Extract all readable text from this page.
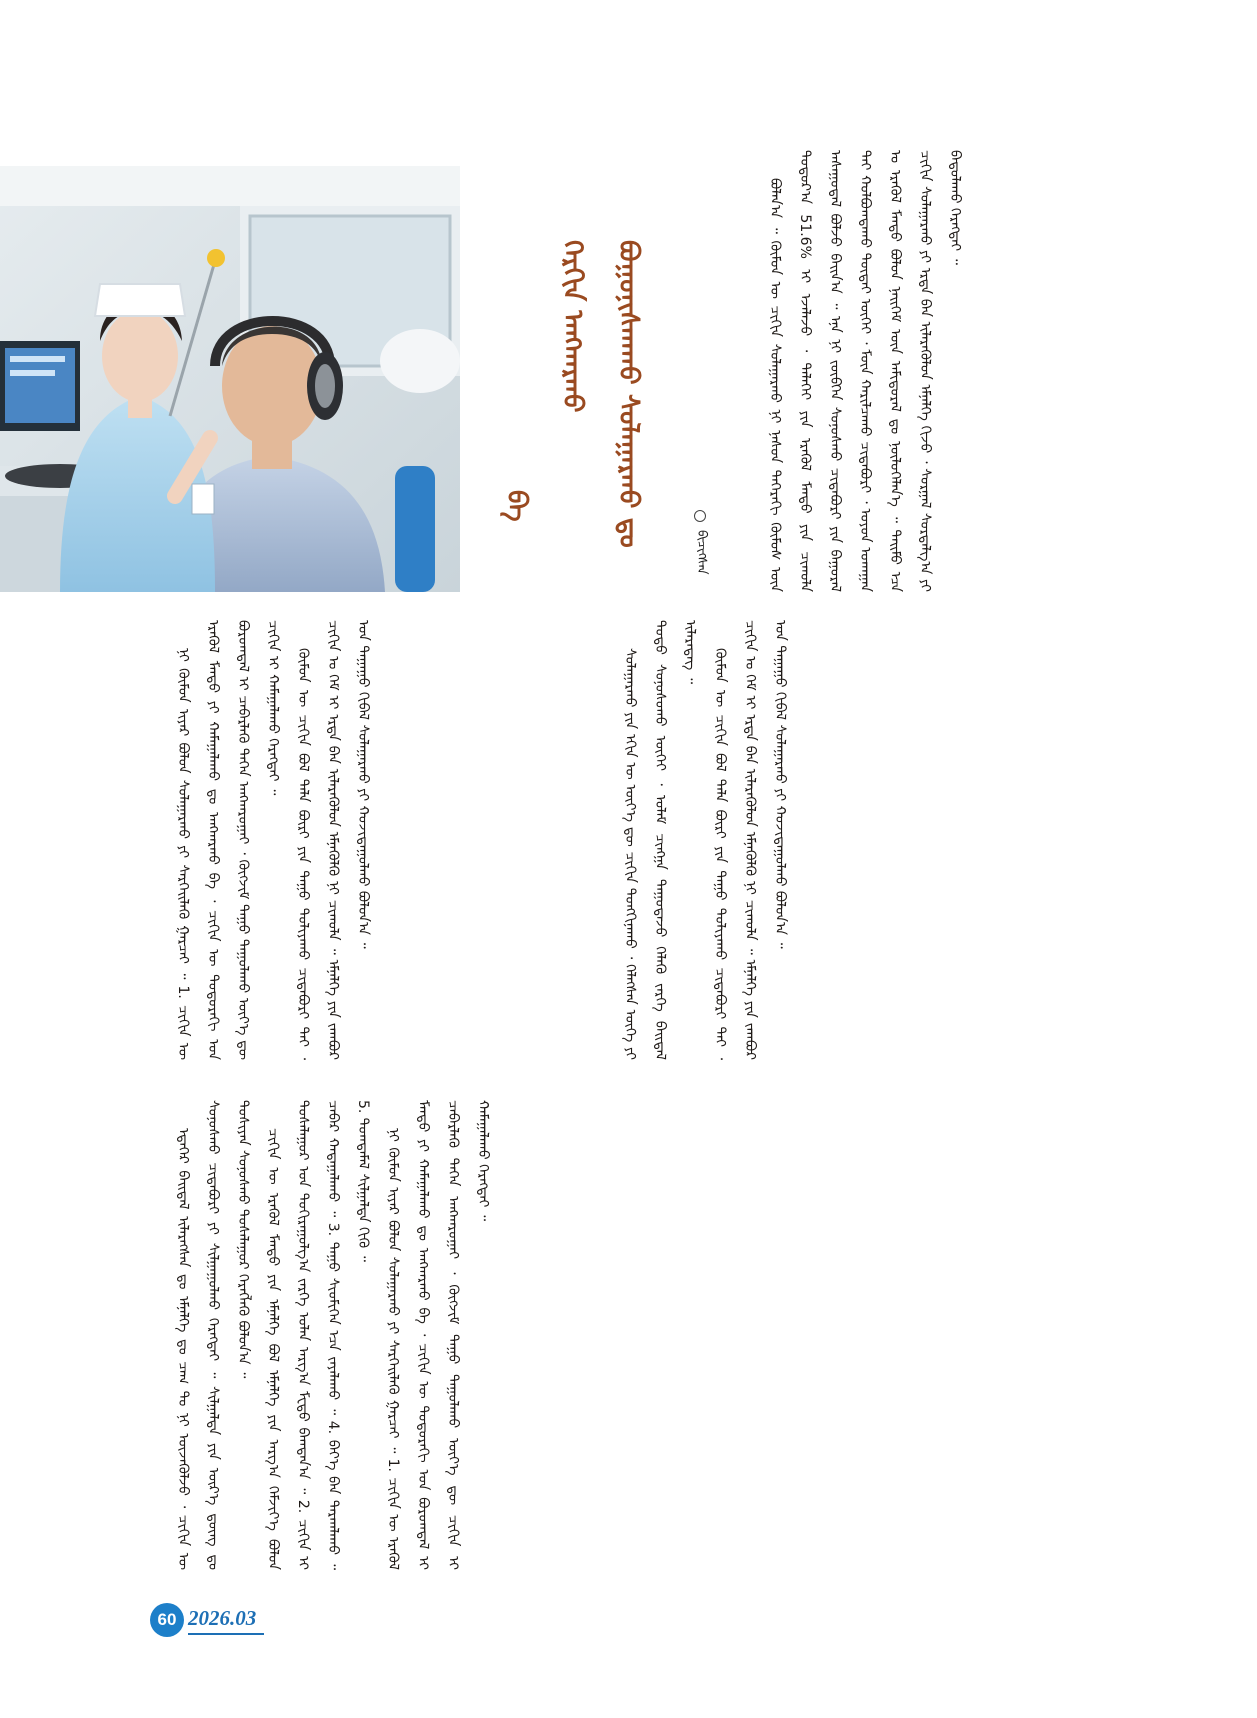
ᠪᠣᠭᠣᠨᠢᠰᠬᠠᠬᠤ ᠰᠤᠯᠠᠭᠠᠷᠬᠤ ᠳᠤ
ᠬᠡᠷᠬᠢᠨ ᠠᠩᠬᠠᠷᠬᠤ
ᠪᠡ
ᠪᠢᠴᠢᠭᠰᠡᠨ	ᠪᠣᠯᠠᠨ᠎ᠠ ᠃ ᠬᠦᠮᠦᠨ ᠦ ᠴᠢᠬᠢᠨ ᠰᠤᠯᠠᠭᠠᠷᠬᠤ ᠨᠢ ᠨᠠᠰᠤᠨ ᠳᠡᠭᠡᠷᠡᠬᠢ ᠬᠦᠮᠦᠰ ᠦᠨ ᠳᠤᠳᠤᠷ᠎ᠠ 51.6% ᠢ ᠡᠵᠡᠯᠡᠵᠦ ᠂ ᠳᠡᠯᠡᠬᠡᠢ ᠶᠢᠨ ᠡᠷᠡᠭᠦᠯ ᠮᠡᠨᠳᠦ ᠶᠢᠨ ᠴᠢᠬᠤᠯᠠ ᠠᠰᠠᠭᠤᠳᠠᠯ ᠪᠣᠯᠵᠤ ᠪᠠᠢᠨ᠎ᠠ ᠃ ᠡᠨᠡ ᠨᠢ ᠵᠥᠪᠬᠡᠨ ᠰᠣᠨᠤᠰᠬᠤ ᠴᠢᠳᠠᠪᠤᠷᠢ ᠶᠢᠨ ᠪᠠᠭᠤᠷᠠᠯ ᠲᠠᠢ ᠬᠣᠯᠪᠣᠭᠳᠠᠬᠤ ᠲᠦᠳᠡᠶ ᠦᠭᠡᠢ ᠂ ᠮᠥᠨ ᠬᠠᠷᠢᠯᠴᠠᠬᠤ ᠴᠢᠳᠠᠪᠤᠷᠢ ᠂ ᠤᠶᠤᠨ ᠤᠬᠠᠭᠠᠨ ᠤ ᠡᠷᠡᠭᠦᠯ ᠮᠡᠨᠳᠦ ᠪᠣᠯᠣᠨ ᠨᠡᠢᠭᠡᠮ ᠦᠨ ᠠᠮᠢᠳᠤᠷᠠᠯ ᠳᠤ ᠨᠥᠯᠦᠭᠡᠯᠡᠨ᠎ᠡ ᠃ ᠲᠡᠢᠮᠦ ᠡᠴᠡ ᠴᠢᠬᠢᠨ ᠰᠤᠯᠠᠭᠠᠷᠬᠤ ᠶᠢ ᠡᠷᠲᠡ ᠪᠡᠨ ᠢᠯᠡᠷᠡᠬᠦᠯᠦᠨ ᠡᠮᠨᠡᠯᠭᠡ ᠬᠢᠵᠦ ᠂ ᠰᠤᠷᠭᠠᠯ ᠰᠤᠷᠳᠠᠯᠭ᠎ᠠ ᠶᠢ ᠪᠠᠲᠤᠯᠠᠬᠤ ᠬᠡᠷᠡᠭᠲᠡᠢ ᠃
ᠨᠢ ᠬᠦᠮᠦᠨ ᠢᠶᠠᠷ ᠪᠤᠯᠤᠨ ᠰᠤᠯᠠᠭᠠᠷᠬᠤ ᠶᠢ ᠰᠡᠷᠭᠡᠢᠯᠡᠬᠦ ᠭᠠᠷᠴᠠᠢ ᠃ 1. ᠴᠢᠬᠢᠨ ᠦ ᠡᠷᠡᠭᠦᠯ ᠮᠡᠨᠳᠦ ᠶᠢ ᠬᠠᠮᠠᠭᠠᠯᠠᠬᠤ ᠳᠤ ᠠᠩᠬᠠᠷᠬᠤ ᠪᠠ ᠂ ᠴᠢᠬᠢᠨ ᠦ ᠳᠣᠲᠣᠷᠠᠬᠢ ᠡᠳ ᠪᠣᠷᠣᠭᠳᠠᠯ ᠢ ᠴᠡᠪᠡᠷᠯᠡᠬᠦ ᠳᠡᠭᠡᠨ ᠠᠩᠬᠠᠷᠤᠭᠠᠢ ᠂ ᠬᠥᠭᠵᠢᠮ ᠳᠠᠭᠤ ᠳᠠᠭᠤᠯᠠᠬᠤ ᠦᠶ᠎ᠡ ᠳᠦ ᠴᠢᠬᠢᠨ ᠢ ᠬᠠᠮᠠᠭᠠᠯᠠᠬᠤ ᠬᠡᠷᠡᠭᠲᠡᠢ ᠃	ᠬᠦᠮᠦᠨ ᠦ ᠴᠢᠬᠢᠨ ᠪᠣᠯ ᠲᠠᠯᠠ ᠪᠦᠷᠢ ᠶᠢᠨ ᠳᠠᠭᠤ ᠳᠤᠯᠢᠶᠠᠬᠤ ᠴᠢᠳᠠᠪᠤᠷᠢ ᠲᠠᠢ ᠂ ᠴᠢᠬᠢᠨ ᠤ ᠭᠡᠮ ᠢ ᠡᠷᠲᠡ ᠪᠡᠨ ᠢᠯᠡᠷᠡᠬᠦᠯᠦᠨ ᠡᠮᠨᠡᠭᠦᠯᠬᠦ ᠨᠢ ᠴᠢᠬᠤᠯᠠ ᠃ ᠡᠮᠨᠡᠯᠭᠡ ᠶᠢᠨ ᠵᠠᠭᠪᠤᠷ ᠤᠨ ᠳᠠᠭᠠᠭᠤ ᠬᠢᠪᠡᠯ ᠰᠤᠯᠠᠭᠠᠷᠬᠤ ᠶᠢ ᠬᠣᠵᠢᠳᠠᠭᠤᠯᠬᠤ ᠪᠣᠯᠤᠨ᠎ᠠ ᠃	ᠰᠤᠯᠠᠭᠠᠷᠬᠤ ᠶᠢᠨ ᠡᠬᠢᠨ ᠦ ᠦᠶ᠎ᠡ ᠳᠦ ᠴᠢᠬᠢᠨ ᠳᠤᠩᠭᠢᠨᠠᠬᠤ ᠂ ᠬᠡᠯᠡᠭᠰᠡᠨ ᠦᠭᠡ ᠶᠢ ᠲᠣᠳᠤ ᠰᠣᠨᠤᠰᠤᠬᠤ ᠦᠭᠡᠢ ᠂ ᠤᠯᠠᠮ ᠴᠢᠩᠭᠠ ᠳᠠᠭᠤᠳᠠᠵᠤ ᠬᠡᠯᠡᠬᠦ ᠵᠡᠷᠭᠡ ᠪᠠᠢᠳᠠᠯ ᠢᠯᠡᠷᠡᠳᠡᠭ ᠃	ᠬᠦᠮᠦᠨ ᠦ ᠴᠢᠬᠢᠨ ᠪᠣᠯ ᠲᠠᠯᠠ ᠪᠦᠷᠢ ᠶᠢᠨ ᠳᠠᠭᠤ ᠳᠤᠯᠢᠶᠠᠬᠤ ᠴᠢᠳᠠᠪᠤᠷᠢ ᠲᠠᠢ ᠂ ᠴᠢᠬᠢᠨ ᠤ ᠭᠡᠮ ᠢ ᠡᠷᠲᠡ ᠪᠡᠨ ᠢᠯᠡᠷᠡᠬᠦᠯᠦᠨ ᠡᠮᠨᠡᠭᠦᠯᠬᠦ ᠨᠢ ᠴᠢᠬᠤᠯᠠ ᠃ ᠡᠮᠨᠡᠯᠭᠡ ᠶᠢᠨ ᠵᠠᠭᠪᠤᠷ ᠤᠨ ᠳᠠᠭᠠᠭᠤ ᠬᠢᠪᠡᠯ ᠰᠤᠯᠠᠭᠠᠷᠬᠤ ᠶᠢ ᠬᠣᠵᠢᠳᠠᠭᠤᠯᠬᠤ ᠪᠣᠯᠤᠨ᠎ᠠ ᠃
ᠡᠳᠡᠭᠡᠷ ᠪᠠᠢᠳᠠᠯ ᠢᠯᠡᠷᠡᠭᠰᠡᠨ ᠳᠤ ᠡᠮᠨᠡᠯᠭᠡ ᠳᠤ ᠴᠠᠭ ᠲᠤ ᠨᠢ ᠦᠵᠡᠭᠦᠯᠵᠦ ᠂ ᠴᠢᠬᠢᠨ ᠦ ᠰᠣᠨᠤᠰᠬᠤ ᠴᠢᠳᠠᠪᠤᠷᠢ ᠶᠢ ᠰᠢᠯᠭᠠᠭᠤᠯᠬᠤ ᠬᠡᠷᠡᠭᠲᠡᠢ ᠃ ᠰᠢᠯᠭᠠᠯᠲᠠ ᠶᠢᠨ ᠦᠷ᠎ᠡ ᠳ᠋ᠦᠩ ᠳᠤ ᠲᠤᠰᠢᠶᠠᠨ ᠰᠣᠨᠤᠰᠬᠤ ᠲᠤᠰᠠᠯᠠᠭᠤᠷ ᠬᠡᠷᠡᠭᠯᠡᠬᠦ ᠪᠣᠯᠤᠨ᠎ᠠ ᠃	ᠴᠢᠬᠢᠨ ᠦ ᠡᠷᠡᠭᠦᠯ ᠮᠡᠨᠳᠦ ᠶᠢᠨ ᠡᠮᠨᠡᠯᠭᠡ ᠪᠣᠯ ᠡᠮᠨᠡᠯᠭᠡ ᠶᠢᠨ ᠠᠷᠭ᠎ᠠ ᠬᠡᠮᠵᠢᠶ᠎ᠡ ᠪᠣᠯᠤᠨ ᠲᠤᠰᠠᠯᠠᠭᠤᠷ ᠤᠨ ᠲᠣᠬᠢᠷᠠᠭᠤᠯᠭ᠎ᠠ ᠵᠡᠷᠭᠡ ᠣᠯᠠᠨ ᠠᠷᠭ᠎ᠠ ᠮᠸᠳᠦ ᠪᠠᠭᠲᠠᠨ᠎ᠠ ᠃ 2. ᠴᠢᠬᠢᠨ ᠢ ᠴᠡᠪᠡᠷ ᠬᠠᠳᠠᠭᠠᠯᠠᠬᠤ ᠃ 3. ᠳᠠᠭᠤ ᠰᠢᠤᠮᠢᠭᠡᠨ ᠡᠴᠡ ᠵᠠᠶᠠᠯᠠᠬᠤ ᠃ 4. ᠪᠡᠶ᠎ᠡ ᠪᠡᠨ ᠳᠠᠷᠬᠠᠯᠠᠬᠤ ᠃ 5. ᠲᠣᠭᠲᠠᠮᠠᠯ ᠰᠢᠯᠭᠠᠯᠲᠠ ᠬᠢᠬᠦ ᠃	ᠨᠢ ᠬᠦᠮᠦᠨ ᠢᠶᠠᠷ ᠪᠤᠯᠤᠨ ᠰᠤᠯᠠᠭᠠᠷᠬᠤ ᠶᠢ ᠰᠡᠷᠭᠡᠢᠯᠡᠬᠦ ᠭᠠᠷᠴᠠᠢ ᠃ 1. ᠴᠢᠬᠢᠨ ᠦ ᠡᠷᠡᠭᠦᠯ ᠮᠡᠨᠳᠦ ᠶᠢ ᠬᠠᠮᠠᠭᠠᠯᠠᠬᠤ ᠳᠤ ᠠᠩᠬᠠᠷᠬᠤ ᠪᠠ ᠂ ᠴᠢᠬᠢᠨ ᠦ ᠳᠣᠲᠣᠷᠠᠬᠢ ᠡᠳ ᠪᠣᠷᠣᠭᠳᠠᠯ ᠢ ᠴᠡᠪᠡᠷᠯᠡᠬᠦ ᠳᠡᠭᠡᠨ ᠠᠩᠬᠠᠷᠤᠭᠠᠢ ᠂ ᠬᠥᠭᠵᠢᠮ ᠳᠠᠭᠤ ᠳᠠᠭᠤᠯᠠᠬᠤ ᠦᠶ᠎ᠡ ᠳᠦ ᠴᠢᠬᠢᠨ ᠢ ᠬᠠᠮᠠᠭᠠᠯᠠᠬᠤ ᠬᠡᠷᠡᠭᠲᠡᠢ ᠃
60 2026.03
